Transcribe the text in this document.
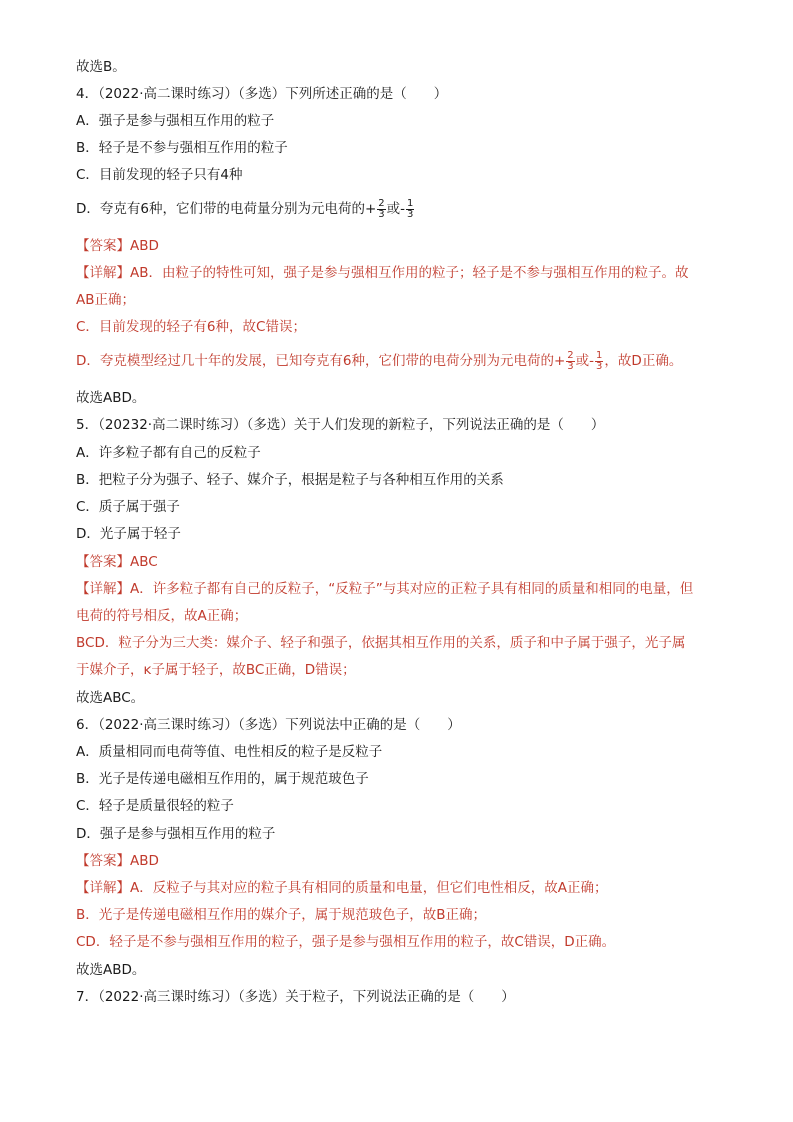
故选B。
4．（2022·高二课时练习）（多选）下列所述正确的是（　　）
A．强子是参与强相互作用的粒子
B．轻子是不参与强相互作用的粒子
C．目前发现的轻子只有4种
D．夸克有6种，它们带的电荷量分别为元电荷的+ $\frac{2}{3}$ 或- $\frac{1}{3}$
【答案】ABD
【详解】AB．由粒子的特性可知，强子是参与强相互作用的粒子；轻子是不参与强相互作用的粒子。故
AB正确；
C．目前发现的轻子有6种，故C错误；
D．夸克模型经过几十年的发展，已知夸克有6种，它们带的电荷分别为元电荷的+ $\frac{2}{3}$ 或- $\frac{1}{3}$ ，故D正确。
故选ABD。
5．（20232·高二课时练习）（多选）关于人们发现的新粒子，下列说法正确的是（　　）
A．许多粒子都有自己的反粒子
B．把粒子分为强子、轻子、媒介子，根据是粒子与各种相互作用的关系
C．质子属于强子
D．光子属于轻子
【答案】ABC
【详解】A．许多粒子都有自己的反粒子，“反粒子”与其对应的正粒子具有相同的质量和相同的电量，但
电荷的符号相反，故A正确；
BCD．粒子分为三大类：媒介子、轻子和强子，依据其相互作用的关系，质子和中子属于强子，光子属
于媒介子，ĸ子属于轻子，故BC正确，D错误；
故选ABC。
6．（2022·高三课时练习）（多选）下列说法中正确的是（　　）
A．质量相同而电荷等值、电性相反的粒子是反粒子
B．光子是传递电磁相互作用的，属于规范玻色子
C．轻子是质量很轻的粒子
D．强子是参与强相互作用的粒子
【答案】ABD
【详解】A．反粒子与其对应的粒子具有相同的质量和电量，但它们电性相反，故A正确；
B．光子是传递电磁相互作用的媒介子，属于规范玻色子，故B正确；
CD．轻子是不参与强相互作用的粒子，强子是参与强相互作用的粒子，故C错误，D正确。
故选ABD。
7．（2022·高三课时练习）（多选）关于粒子，下列说法正确的是（　　）
